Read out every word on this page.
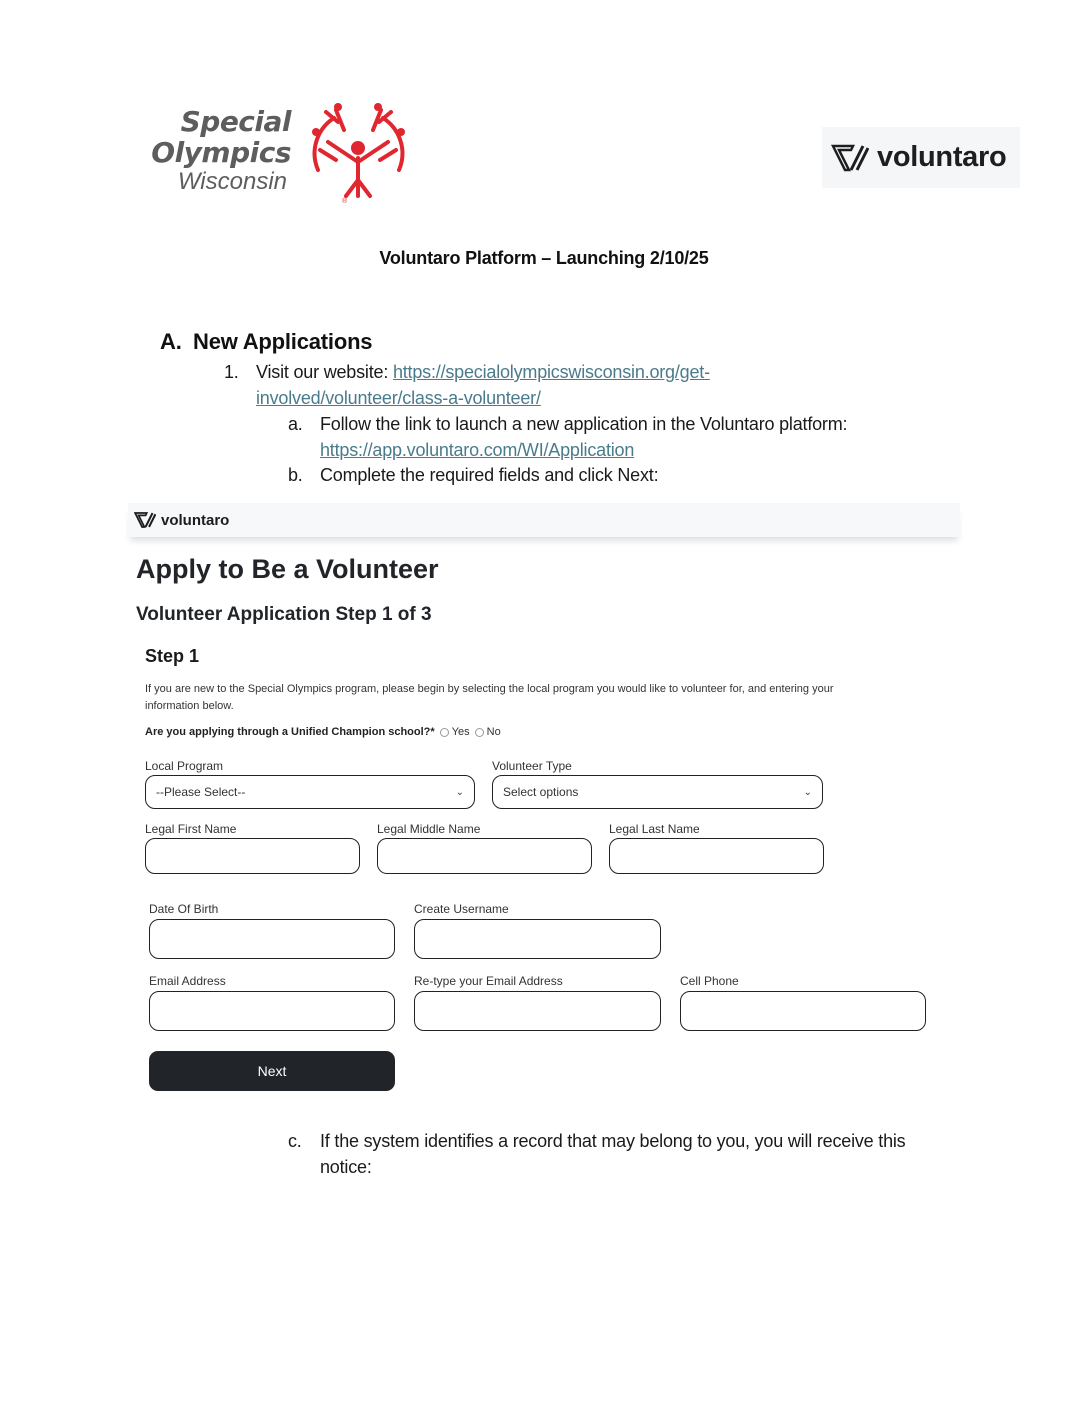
Special
Olympics
Wisconsin
®
voluntaro
Voluntaro Platform – Launching 2/10/25
A. New Applications
1. Visit our website: https://specialolympicswisconsin.org/get-
involved/volunteer/class-a-volunteer/
a. Follow the link to launch a new application in the Voluntaro platform:
https://app.voluntaro.com/WI/Application
b. Complete the required fields and click Next:
voluntaro
Apply to Be a Volunteer
Volunteer Application Step 1 of 3
Step 1
If you are new to the Special Olympics program, please begin by selecting the local program you would like to volunteer for, and entering your information below.
Are you applying through a Unified Champion school?* Yes No
Local Program
--Please Select--	⌄
Volunteer Type
Select options	⌄
Legal First Name	Legal Middle Name	Legal Last Name
Date Of Birth	Create Username
Email Address	Re-type your Email Address	Cell Phone
Next
c. If the system identifies a record that may belong to you, you will receive this
notice:
